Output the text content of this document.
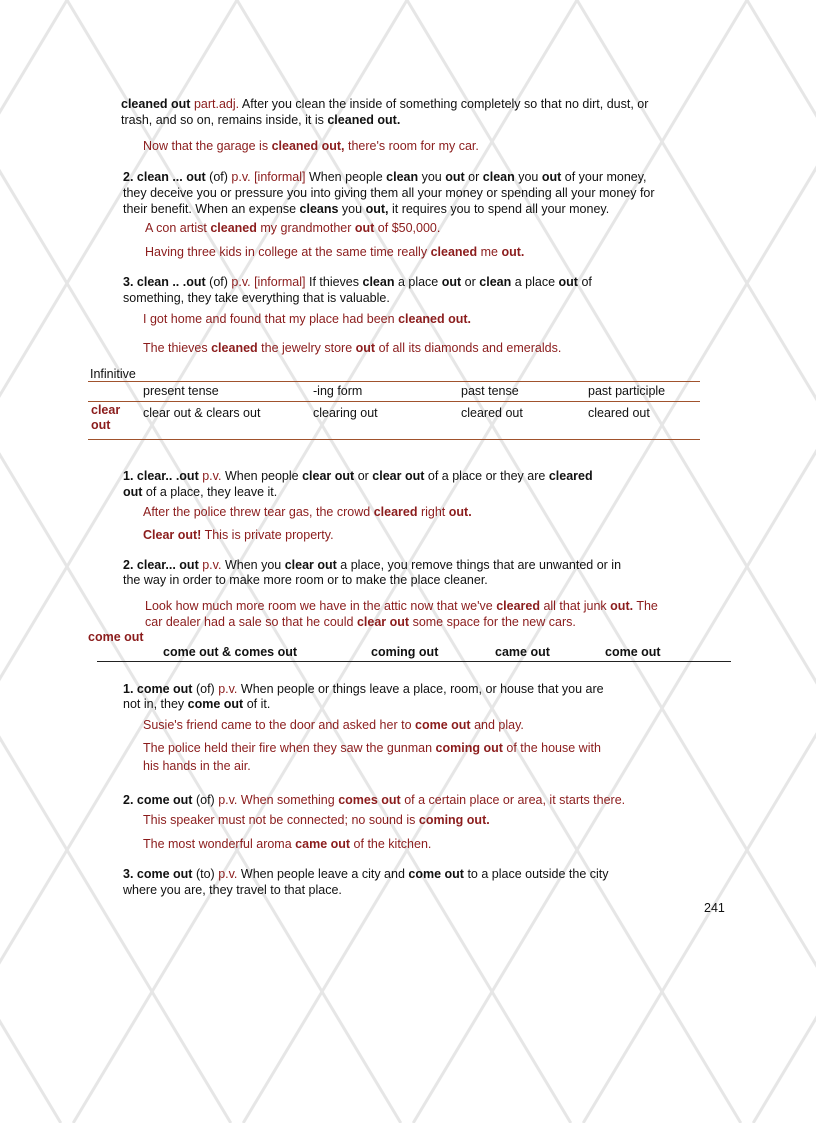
cleaned out part.adj. After you clean the inside of something completely so that no dirt, dust, or
trash, and so on, remains inside, it is cleaned out.
Now that the garage is cleaned out, there's room for my car.
2. clean ... out (of) p.v. [informal] When people clean you out or clean you out of your money,
they deceive you or pressure you into giving them all your money or spending all your money for
their benefit. When an expense cleans you out, it requires you to spend all your money.
A con artist cleaned my grandmother out of $50,000.
Having three kids in college at the same time really cleaned me out.
3. clean .. .out (of) p.v. [informal] If thieves clean a place out or clean a place out of
something, they take everything that is valuable.
I got home and found that my place had been cleaned out.
The thieves cleaned the jewelry store out of all its diamonds and emeralds.
Infinitive
present tense	-ing form	past tense	past participle
clear
out
clear out & clears out	clearing out	cleared out	cleared out
1. clear.. .out p.v. When people clear out or clear out of a place or they are cleared
out of a place, they leave it.
After the police threw tear gas, the crowd cleared right out.
Clear out! This is private property.
2. clear... out p.v. When you clear out a place, you remove things that are unwanted or in
the way in order to make more room or to make the place cleaner.
Look how much more room we have in the attic now that we've cleared all that junk out. The
car dealer had a sale so that he could clear out some space for the new cars.
come out
come out & comes out	coming out	came out	come out
1. come out (of) p.v. When people or things leave a place, room, or house that you are
not in, they come out of it.
Susie's friend came to the door and asked her to come out and play.
The police held their fire when they saw the gunman coming out of the house with
his hands in the air.
2. come out (of) p.v. When something comes out of a certain place or area, it starts there.
This speaker must not be connected; no sound is coming out.
The most wonderful aroma came out of the kitchen.
3. come out (to) p.v. When people leave a city and come out to a place outside the city
where you are, they travel to that place.
241
